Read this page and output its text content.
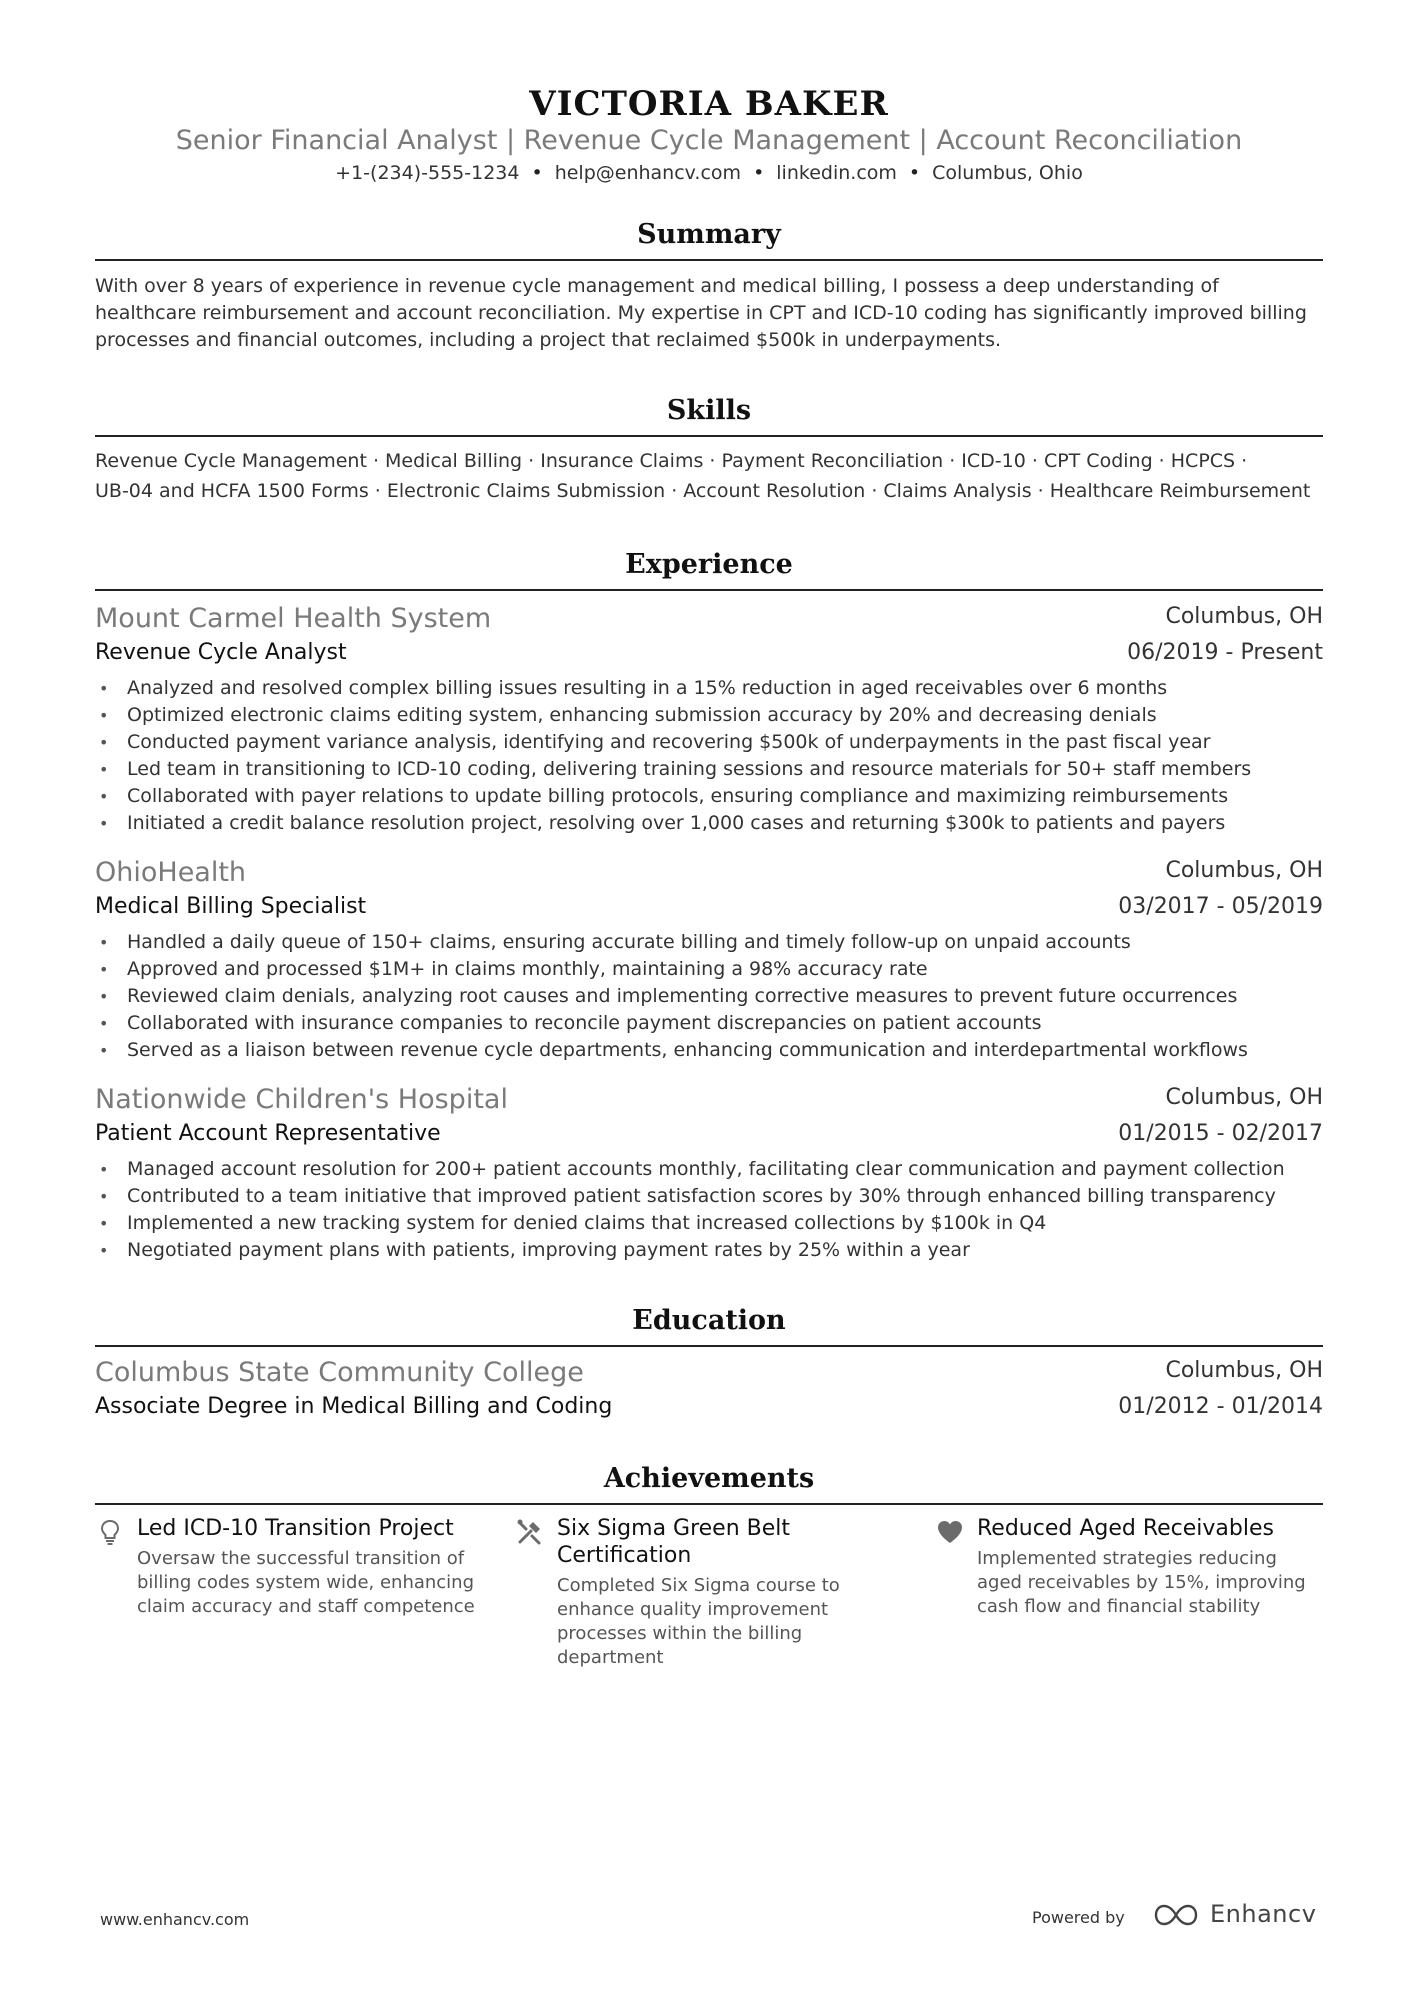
VICTORIA BAKER
Senior Financial Analyst | Revenue Cycle Management | Account Reconciliation
+1-(234)-555-1234 • help@enhancv.com • linkedin.com • Columbus, Ohio
Summary
With over 8 years of experience in revenue cycle management and medical billing, I possess a deep understanding of healthcare reimbursement and account reconciliation. My expertise in CPT and ICD-10 coding has significantly improved billing processes and financial outcomes, including a project that reclaimed $500k in underpayments.
Skills
Revenue Cycle Management · Medical Billing · Insurance Claims · Payment Reconciliation · ICD-10 · CPT Coding · HCPCS ·
UB-04 and HCFA 1500 Forms · Electronic Claims Submission · Account Resolution · Claims Analysis · Healthcare Reimbursement
Experience
Mount Carmel Health System	Columbus, OH
Revenue Cycle Analyst	06/2019 - Present
• Analyzed and resolved complex billing issues resulting in a 15% reduction in aged receivables over 6 months
• Optimized electronic claims editing system, enhancing submission accuracy by 20% and decreasing denials
• Conducted payment variance analysis, identifying and recovering $500k of underpayments in the past fiscal year
• Led team in transitioning to ICD-10 coding, delivering training sessions and resource materials for 50+ staff members
• Collaborated with payer relations to update billing protocols, ensuring compliance and maximizing reimbursements
• Initiated a credit balance resolution project, resolving over 1,000 cases and returning $300k to patients and payers
OhioHealth	Columbus, OH
Medical Billing Specialist	03/2017 - 05/2019
• Handled a daily queue of 150+ claims, ensuring accurate billing and timely follow-up on unpaid accounts
• Approved and processed $1M+ in claims monthly, maintaining a 98% accuracy rate
• Reviewed claim denials, analyzing root causes and implementing corrective measures to prevent future occurrences
• Collaborated with insurance companies to reconcile payment discrepancies on patient accounts
• Served as a liaison between revenue cycle departments, enhancing communication and interdepartmental workflows
Nationwide Children's Hospital	Columbus, OH
Patient Account Representative	01/2015 - 02/2017
• Managed account resolution for 200+ patient accounts monthly, facilitating clear communication and payment collection
• Contributed to a team initiative that improved patient satisfaction scores by 30% through enhanced billing transparency
• Implemented a new tracking system for denied claims that increased collections by $100k in Q4
• Negotiated payment plans with patients, improving payment rates by 25% within a year
Education
Columbus State Community College	Columbus, OH
Associate Degree in Medical Billing and Coding	01/2012 - 01/2014
Achievements
Led ICD-10 Transition Project
Oversaw the successful transition of billing codes system wide, enhancing claim accuracy and staff competence
Six Sigma Green Belt Certification
Completed Six Sigma course to enhance quality improvement processes within the billing department
Reduced Aged Receivables
Implemented strategies reducing aged receivables by 15%, improving cash flow and financial stability
www.enhancv.com	Powered by	Enhancv
